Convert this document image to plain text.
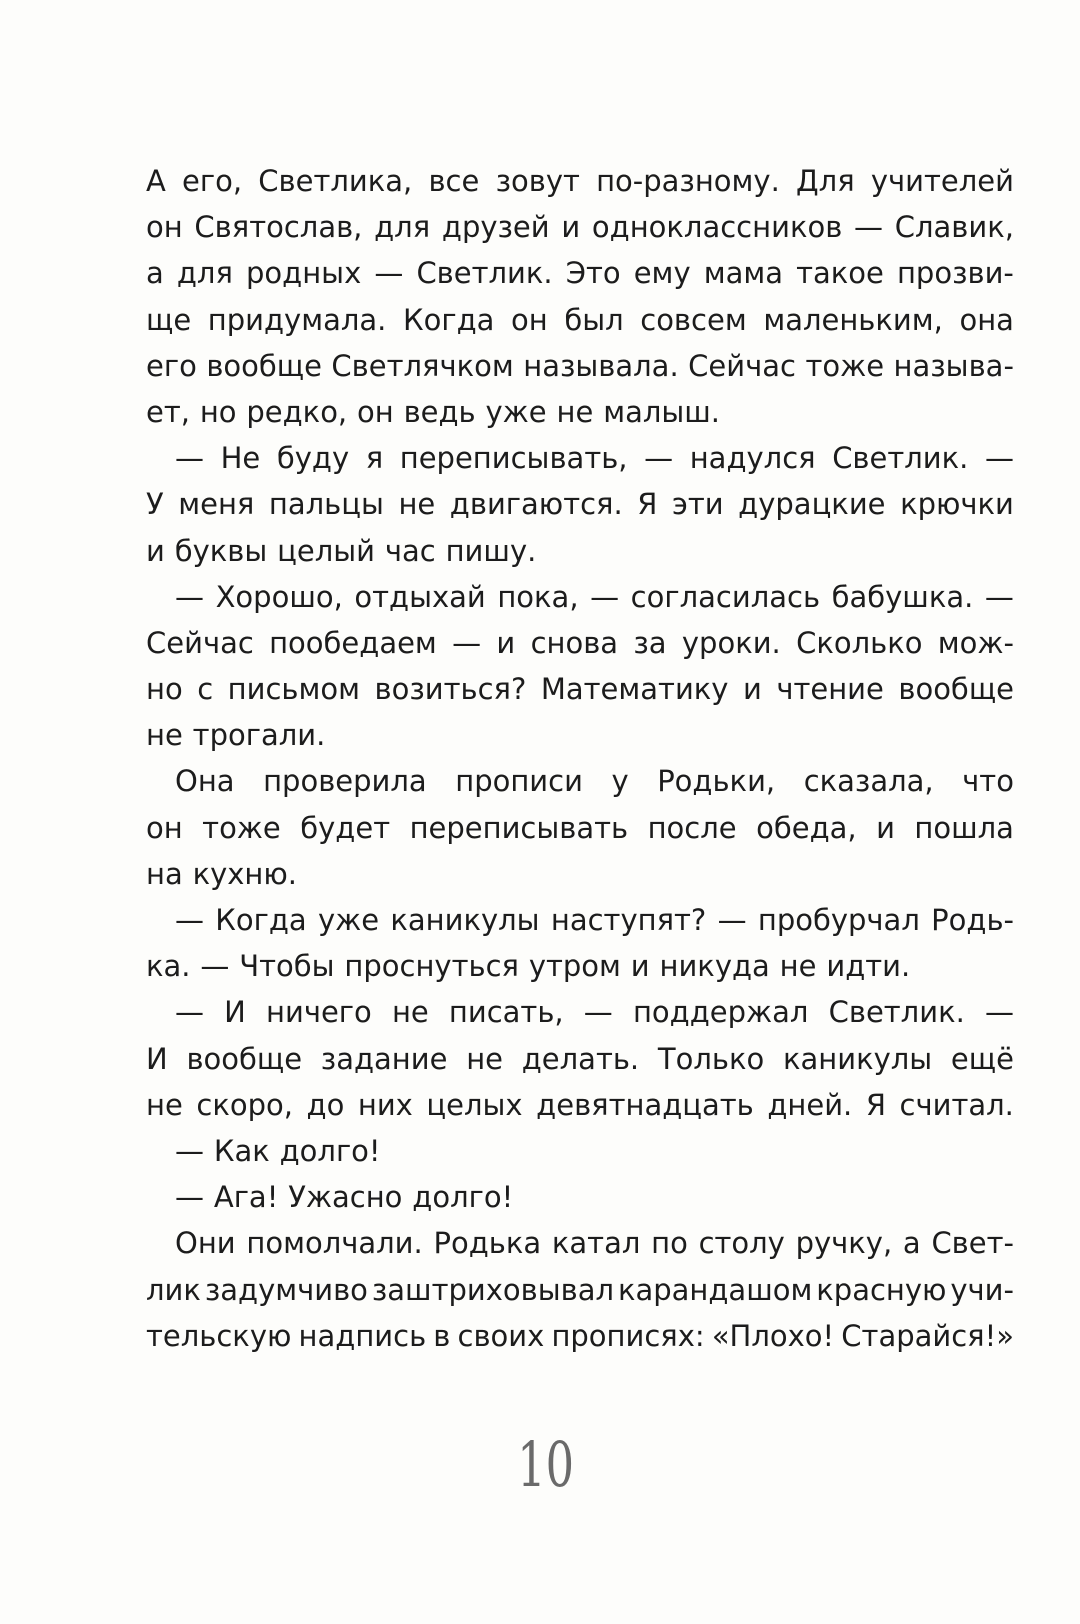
А его, Светлика, все зовут по-разному. Для учителей
он Святослав, для друзей и одноклассников — Славик,
а для родных — Светлик. Это ему мама такое прозви-
ще придумала. Когда он был совсем маленьким, она
его вообще Светлячком называла. Сейчас тоже называ-
ет, но редко, он ведь уже не малыш.
— Не буду я переписывать, — надулся Светлик. —
У меня пальцы не двигаются. Я эти дурацкие крючки
и буквы целый час пишу.
— Хорошо, отдыхай пока, — согласилась бабушка. —
Сейчас пообедаем — и снова за уроки. Сколько мож-
но с письмом возиться? Математику и чтение вообще
не трогали.
Она проверила прописи у Родьки, сказала, что
он тоже будет переписывать после обеда, и пошла
на кухню.
— Когда уже каникулы наступят? — пробурчал Родь-
ка. — Чтобы проснуться утром и никуда не идти.
— И ничего не писать, — поддержал Светлик. —
И вообще задание не делать. Только каникулы ещё
не скоро, до них целых девятнадцать дней. Я считал.
— Как долго!
— Ага! Ужасно долго!
Они помолчали. Родька катал по столу ручку, а Свет-
лик задумчиво заштриховывал карандашом красную учи-
тельскую надпись в своих прописях: «Плохо! Старайся!»
10
